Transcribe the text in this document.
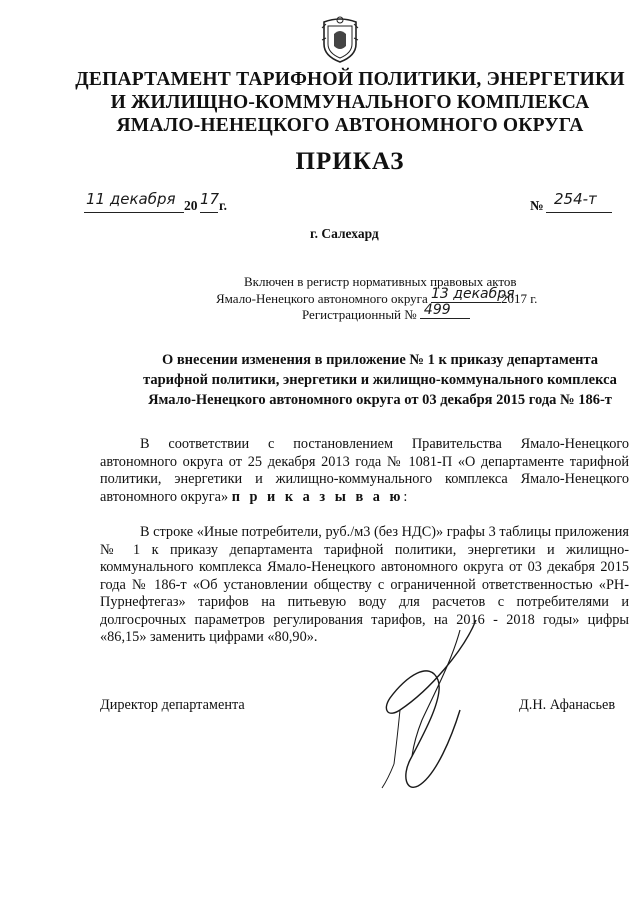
ДЕПАРТАМЕНТ ТАРИФНОЙ ПОЛИТИКИ, ЭНЕРГЕТИКИ
И ЖИЛИЩНО-КОММУНАЛЬНОГО КОМПЛЕКСА
ЯМАЛО-НЕНЕЦКОГО АВТОНОМНОГО ОКРУГА
ПРИКАЗ
11 декабря 20 17 г.	№ 254-т
г. Салехард
Включен в регистр нормативных правовых актов
Ямало-Ненецкого автономного округа 13 декабря
2017 г.
Регистрационный № 499
О внесении изменения в приложение № 1 к приказу департамента
тарифной политики, энергетики и жилищно-коммунального комплекса
Ямало-Ненецкого автономного округа от 03 декабря 2015 года № 186-т

В соответствии с постановлением Правительства Ямало-Ненецкого автономного округа от 25 декабря 2013 года № 1081-П «О департаменте тарифной политики, энергетики и жилищно-коммунального комплекса Ямало-Ненецкого автономного округа» п р и к а з ы в а ю:

В строке «Иные потребители, руб./м3 (без НДС)» графы 3 таблицы приложения № 1 к приказу департамента тарифной политики, энергетики и жилищно-коммунального комплекса Ямало-Ненецкого автономного округа от 03 декабря 2015 года № 186-т «Об установлении обществу с ограниченной ответственностью «РН-Пурнефтегаз» тарифов на питьевую воду для расчетов с потребителями и долгосрочных параметров регулирования тарифов, на 2016 - 2018 годы» цифры «86,15» заменить цифрами «80,90».

Директор департамента	Д.Н. Афанасьев
